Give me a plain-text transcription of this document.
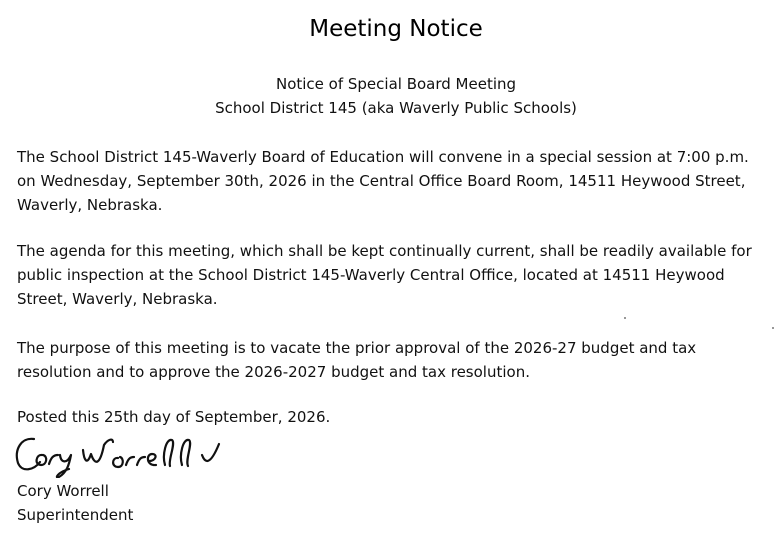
Meeting Notice
Notice of Special Board Meeting
School District 145 (aka Waverly Public Schools)
The School District 145-Waverly Board of Education will convene in a special session at 7:00 p.m. on Wednesday, September 30th, 2026 in the Central Office Board Room, 14511 Heywood Street, Waverly, Nebraska.
The agenda for this meeting, which shall be kept continually current, shall be readily available for public inspection at the School District 145-Waverly Central Office, located at 14511 Heywood Street, Waverly, Nebraska.
The purpose of this meeting is to vacate the prior approval of the 2026-27 budget and tax resolution and to approve the 2026-2027 budget and tax resolution.
Posted this 25th day of September, 2026.
Cory Worrell
Superintendent
